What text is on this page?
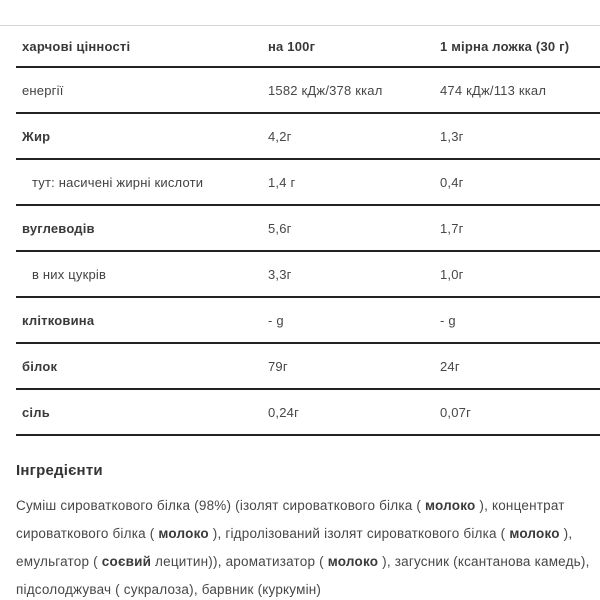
харчові цінності	на 100г	1 мірна ложка (30 г)
енергії	1582 кДж/378 ккал	474 кДж/113 ккал
Жир	4,2г	1,3г
тут: насичені жирні кислоти	1,4 г	0,4г
вуглеводів	5,6г	1,7г
в них цукрів	3,3г	1,0г
клітковина	- g	- g
білок	79г	24г
сіль	0,24г	0,07г
Інгредієнти
Суміш сироваткового білка (98%) (ізолят сироваткового білка ( молоко ), концентрат
сироваткового білка ( молоко ), гідролізований ізолят сироваткового білка ( молоко ),
емульгатор ( соєвий лецитин)), ароматизатор ( молоко ), загусник (ксантанова камедь),
підсолоджувач ( сукралоза), барвник (куркумін)
